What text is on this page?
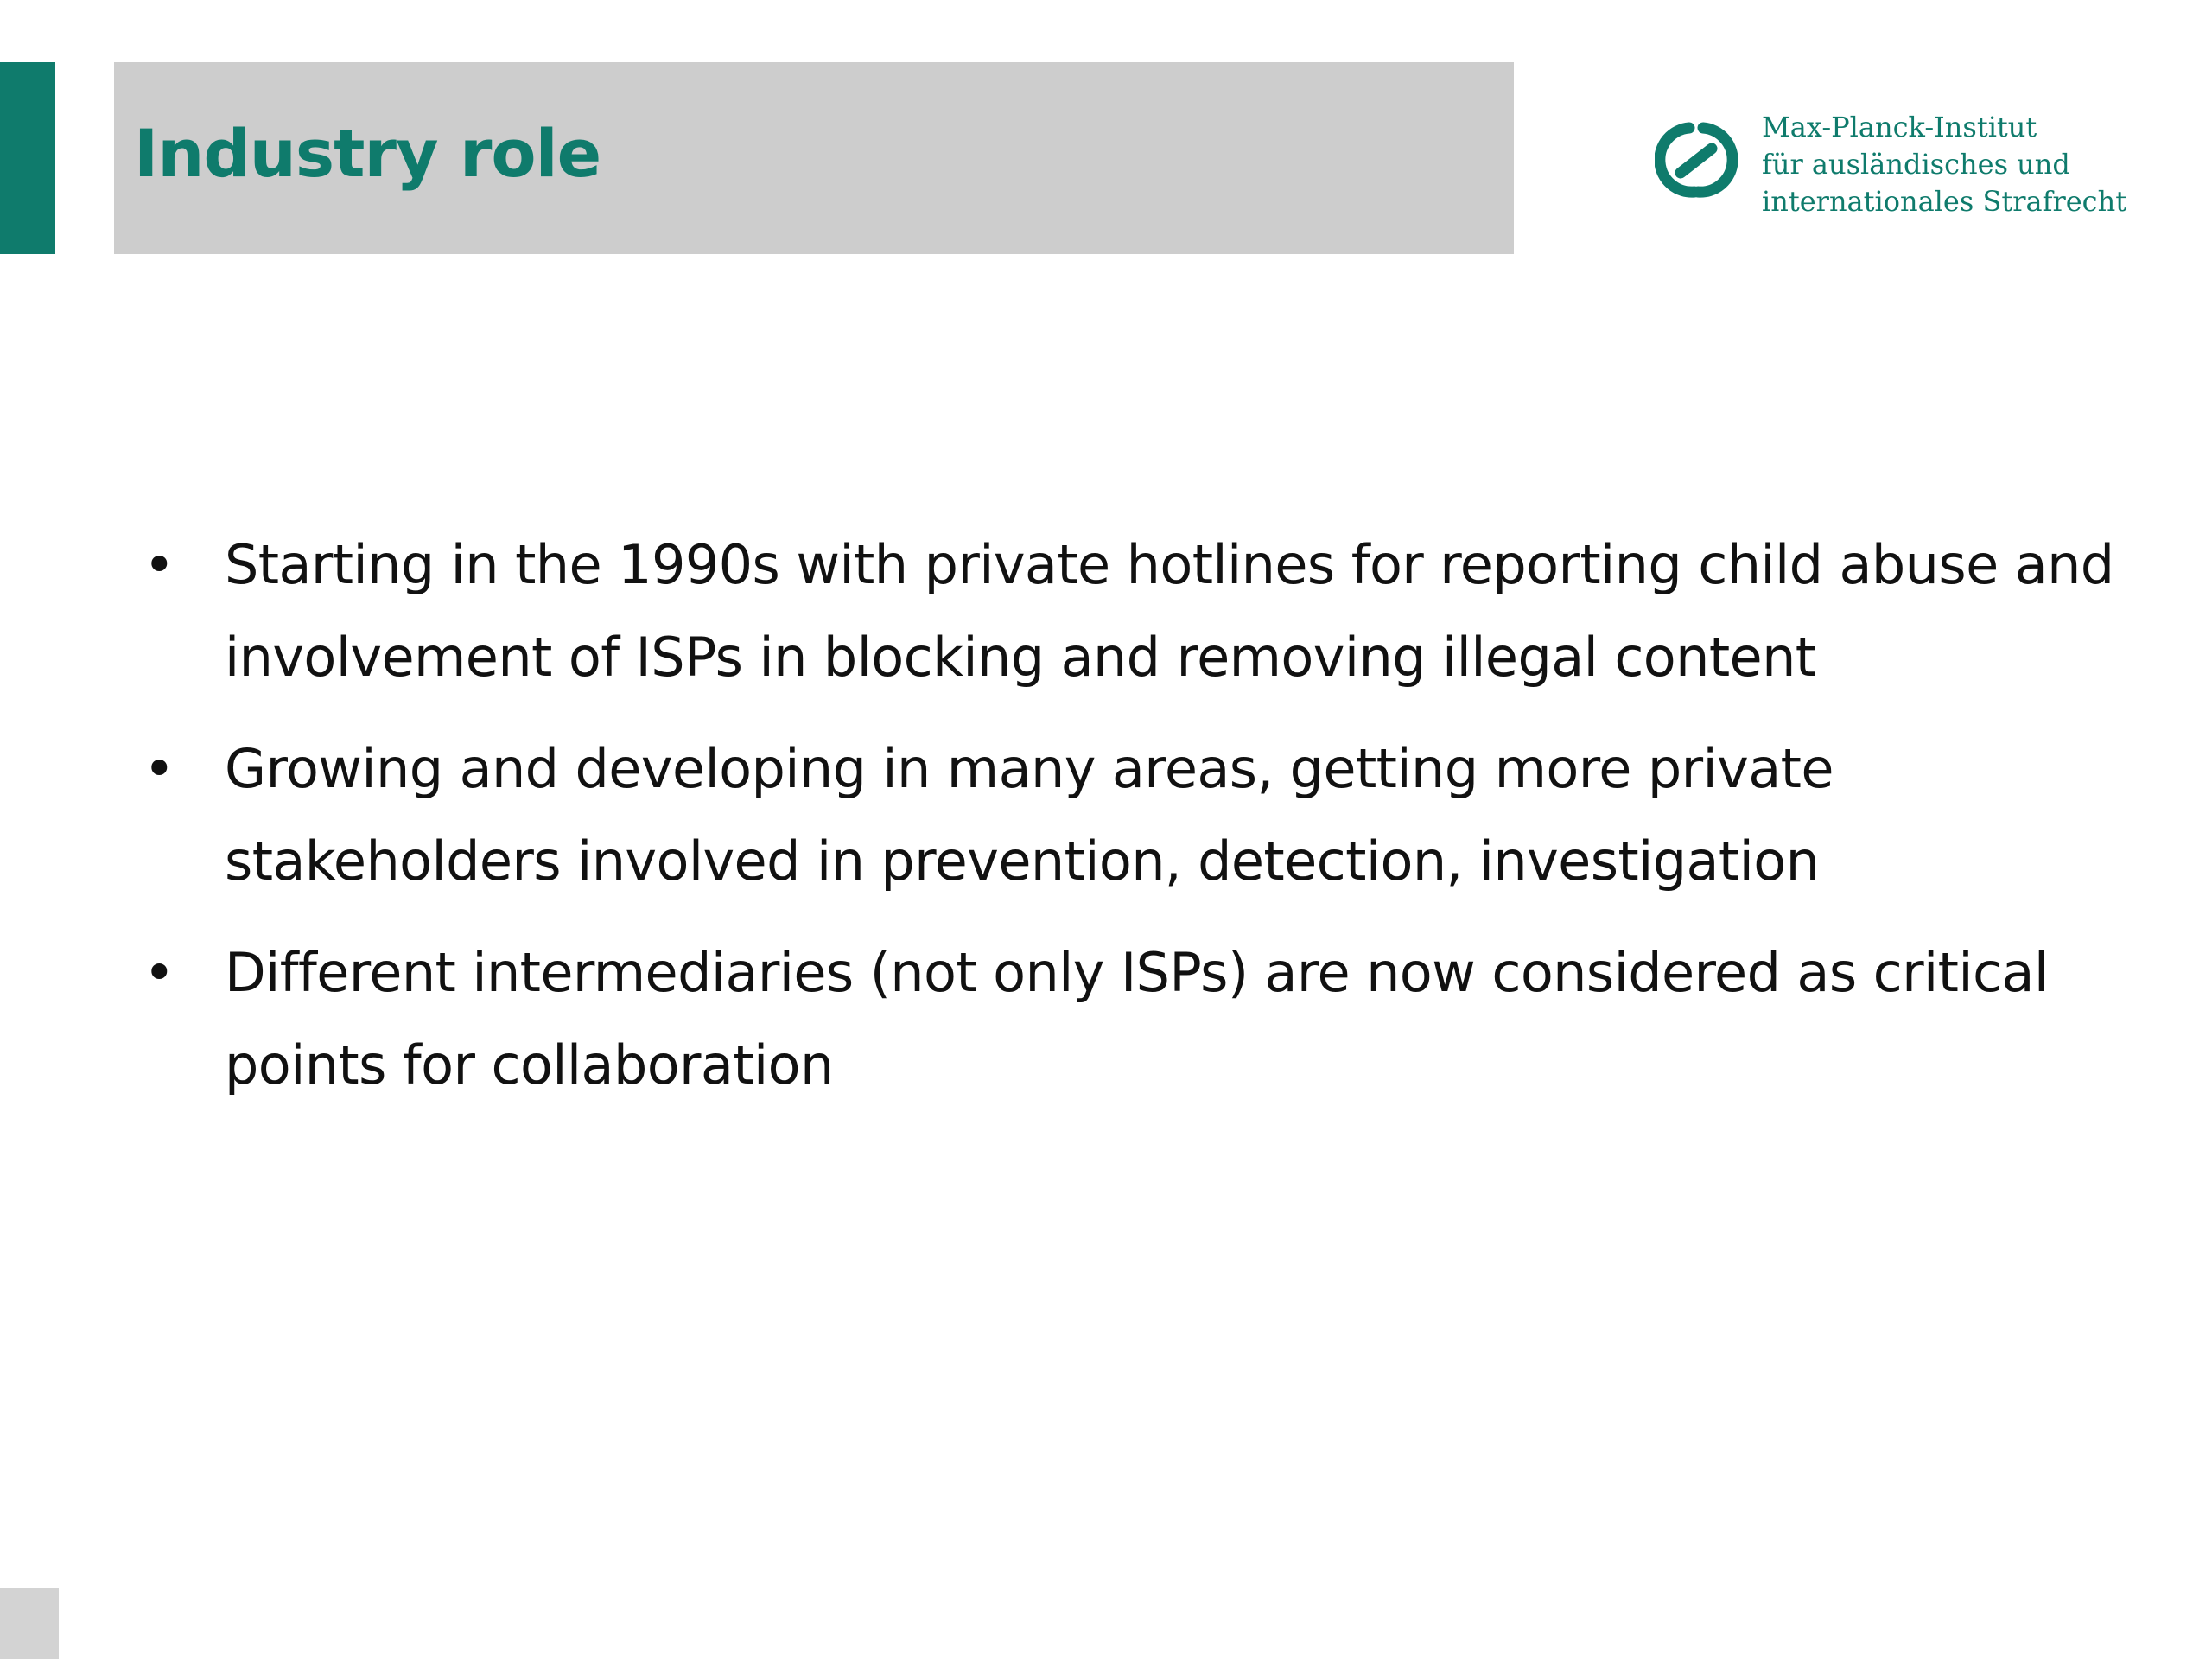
Industry role	Max-Planck-Institut
für ausländisches und
internationales Strafrecht
• Starting in the 1990s with private hotlines for reporting child abuse and involvement of ISPs in blocking and removing illegal content
• Growing and developing in many areas, getting more private stakeholders involved in prevention, detection, investigation
• Different intermediaries (not only ISPs) are now considered as critical points for collaboration
